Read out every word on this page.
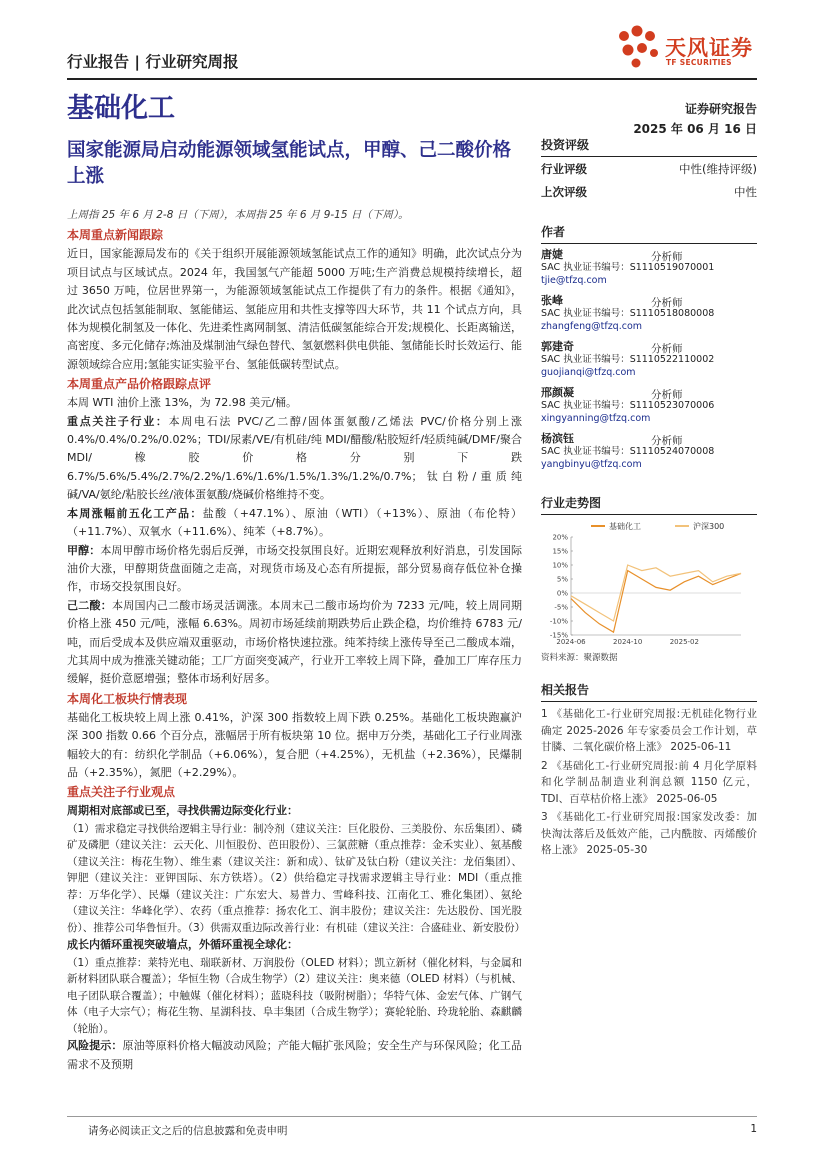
天风证券
TF SECURITIES
行业报告 | 行业研究周报
基础化工	证券研究报告
2025 年 06 月 16 日
国家能源局启动能源领域氢能试点，甲醇、己二酸价格上涨

上周指 25 年 6 月 2-8 日（下周），本周指 25 年 6 月 9-15 日（下周）。

本周重点新闻跟踪

近日，国家能源局发布的《关于组织开展能源领域氢能试点工作的通知》明确，此次试点分为项目试点与区域试点。2024 年，我国氢气产能超 5000 万吨;生产消费总规模持续增长，超过 3650 万吨，位居世界第一，为能源领域氢能试点工作提供了有力的条件。根据《通知》，此次试点包括氢能制取、氢能储运、氢能应用和共性支撑等四大环节，共 11 个试点方向，具体为规模化制氢及一体化、先进柔性离网制氢、清洁低碳氢能综合开发;规模化、长距离输送，高密度、多元化储存;炼油及煤制油气绿色替代、氢氨燃料供电供能、氢储能长时长效运行、能源领域综合应用;氢能实证实验平台、氢能低碳转型试点。

本周重点产品价格跟踪点评

本周 WTI 油价上涨 13%，为 72.98 美元/桶。

重点关注子行业：本周电石法 PVC/乙二醇/固体蛋氨酸/乙烯法 PVC/价格分别上涨 0.4%/0.4%/0.2%/0.02%；TDI/尿素/VE/有机硅/纯 MDI/醋酸/粘胶短纤/轻质纯碱/DMF/聚合 MDI/橡胶价格分别下跌 6.7%/5.6%/5.4%/2.7%/2.2%/1.6%/1.6%/1.5%/1.3%/1.2%/0.7%；钛白粉/重质纯碱/VA/氨纶/粘胶长丝/液体蛋氨酸/烧碱价格维持不变。

本周涨幅前五化工产品：盐酸（+47.1%）、原油（WTI）（+13%）、原油（布伦特）（+11.7%）、双氧水（+11.6%）、纯苯（+8.7%）。

甲醇：本周甲醇市场价格先弱后反弹，市场交投氛围良好。近期宏观释放利好消息，引发国际油价大涨，甲醇期货盘面随之走高，对现货市场及心态有所提振，部分贸易商存低位补仓操作，市场交投氛围良好。

己二酸：本周国内己二酸市场灵活调涨。本周末己二酸市场均价为 7233 元/吨，较上周同期价格上涨 450 元/吨，涨幅 6.63%。周初市场延续前期跌势后止跌企稳，均价维持 6783 元/吨，而后受成本及供应端双重驱动，市场价格快速拉涨。纯苯持续上涨传导至己二酸成本端，尤其周中成为推涨关键动能；工厂方面突变减产，行业开工率较上周下降，叠加工厂库存压力缓解，挺价意愿增强；整体市场利好居多。

本周化工板块行情表现

基础化工板块较上周上涨 0.41%，沪深 300 指数较上周下跌 0.25%。基础化工板块跑赢沪深 300 指数 0.66 个百分点，涨幅居于所有板块第 10 位。据申万分类，基础化工子行业周涨幅较大的有：纺织化学制品（+6.06%），复合肥（+4.25%），无机盐（+2.36%），民爆制品（+2.35%），氮肥（+2.29%）。

重点关注子行业观点

周期相对底部或已至，寻找供需边际变化行业：

（1）需求稳定寻找供给逻辑主导行业：制冷剂（建议关注：巨化股份、三美股份、东岳集团）、磷矿及磷肥（建议关注：云天化、川恒股份、芭田股份）、三氯蔗糖（重点推荐：金禾实业）、氨基酸（建议关注：梅花生物）、维生素（建议关注：新和成）、钛矿及钛白粉（建议关注：龙佰集团）、钾肥（建议关注：亚钾国际、东方铁塔）。（2）供给稳定寻找需求逻辑主导行业：MDI（重点推荐：万华化学）、民爆（建议关注：广东宏大、易普力、雪峰科技、江南化工、雅化集团）、氨纶（建议关注：华峰化学）、农药（重点推荐：扬农化工、润丰股份；建议关注：先达股份、国光股份）、推荐公司华鲁恒升。（3）供需双重边际改善行业：有机硅（建议关注：合盛硅业、新安股份）

成长内循环重视突破墙点，外循环重视全球化：

（1）重点推荐：莱特光电、瑞联新材、万润股份（OLED 材料）；凯立新材（催化材料，与金属和新材料团队联合覆盖）；华恒生物（合成生物学）（2）建议关注：奥来德（OLED 材料）（与机械、电子团队联合覆盖）；中触媒（催化材料）；蓝晓科技（吸附树脂）；华特气体、金宏气体、广钢气体（电子大宗气）；梅花生物、星湖科技、阜丰集团（合成生物学）；赛轮轮胎、玲珑轮胎、森麒麟（轮胎）。

风险提示：原油等原料价格大幅波动风险；产能大幅扩张风险；安全生产与环保风险；化工品需求不及预期

投资评级
行业评级	中性(维持评级)
上次评级	中性
作者
唐婕	分析师
SAC 执业证书编号：S1110519070001
tjie@tfzq.com
张峰	分析师
SAC 执业证书编号：S1110518080008
zhangfeng@tfzq.com
郭建奇	分析师
SAC 执业证书编号：S1110522110002
guojianqi@tfzq.com
邢颜凝	分析师
SAC 执业证书编号：S1110523070006
xingyanning@tfzq.com
杨滨钰	分析师
SAC 执业证书编号：S1110524070008
yangbinyu@tfzq.com
行业走势图
基础化工	沪深300
20%
15%
10%
5%
0%
-5%
-10%
-15%
2024-06	2024-10	2025-02
资料来源：聚源数据
相关报告

1 《基础化工-行业研究周报:无机硅化物行业确定 2025-2026 年专家委员会工作计划，草甘膦、二氧化碳价格上涨》 2025-06-11

2 《基础化工-行业研究周报:前 4 月化学原料和化学制品制造业利润总额 1150 亿元，TDI、百草枯价格上涨》 2025-06-05

3 《基础化工-行业研究周报:国家发改委：加快淘汰落后及低效产能，己内酰胺、丙烯酸价格上涨》 2025-05-30

请务必阅读正文之后的信息披露和免责申明	1
